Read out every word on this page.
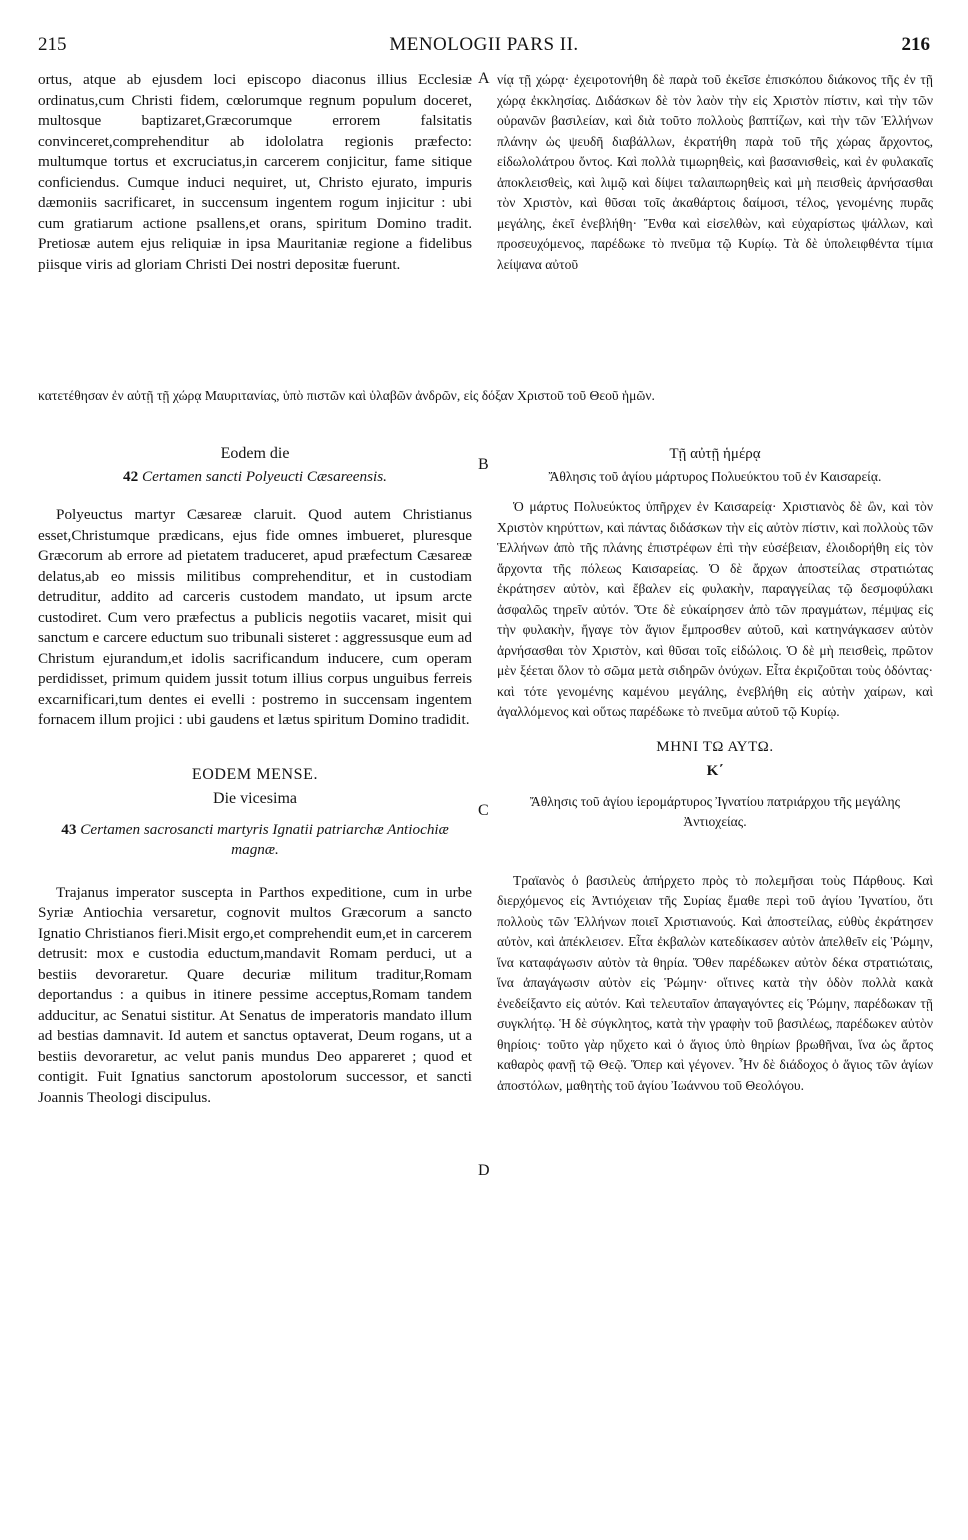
215	MENOLOGII PARS II.	216
A
B
C
D

ortus, atque ab ejusdem loci episcopo diaconus illius Ecclesiæ ordinatus,cum Christi fidem, cœlorumque regnum populum doceret, multosque baptizaret,Græcorumque errorem falsitatis convinceret,comprehenditur ab idololatra regionis præfecto: multumque tortus et excruciatus,in carcerem conjicitur, fame sitique conficiendus. Cumque induci nequiret, ut, Christo ejurato, impuris dæmoniis sacrificaret, in succensum ingentem rogum injicitur : ubi cum gratiarum actione psallens,et orans, spiritum Domino tradit. Pretiosæ autem ejus reliquiæ in ipsa Mauritaniæ regione a fidelibus piisque viris ad gloriam Christi Dei nostri depositæ fuerunt.

Eodem die
42 Certamen sancti Polyeucti Cæsareensis.

Polyeuctus martyr Cæsareæ claruit. Quod autem Christianus esset,Christumque prædicans, ejus fide omnes imbueret, pluresque Græcorum ab errore ad pietatem traduceret, apud præfectum Cæsareæ delatus,ab eo missis militibus comprehenditur, et in custodiam detruditur, addito ad carceris custodem mandato, ut ipsum arcte custodiret. Cum vero præfectus a publicis negotiis vacaret, misit qui sanctum e carcere eductum suo tribunali sisteret : aggressusque eum ad Christum ejurandum,et idolis sacrificandum inducere, cum operam perdidisset, primum quidem jussit totum illius corpus unguibus ferreis excarnificari,tum dentes ei evelli : postremo in succensam ingentem fornacem illum projici : ubi gaudens et lætus spiritum Domino tradidit.

EODEM MENSE.
Die vicesima
43 Certamen sacrosancti martyris Ignatii patriarchæ Antiochiæ magnæ.

Trajanus imperator suscepta in Parthos expeditione, cum in urbe Syriæ Antiochia versaretur, cognovit multos Græcorum a sancto Ignatio Christianos fieri.Misit ergo,et comprehendit eum,et in carcerem detrusit: mox e custodia eductum,mandavit Romam perduci, ut a bestiis devoraretur. Quare decuriæ militum traditur,Romam deportandus : a quibus in itinere pessime acceptus,Romam tandem adducitur, ac Senatui sistitur. At Senatus de imperatoris mandato illum ad bestias damnavit. Id autem et sanctus optaverat, Deum rogans, ut a bestiis devoraretur, ac velut panis mundus Deo appareret ; quod et contigit. Fuit Ignatius sanctorum apostolorum successor, et sancti Joannis Theologi discipulus.

νίᾳ τῇ χώρᾳ· ἐχειροτονήθη δὲ παρὰ τοῦ ἐκεῖσε ἐπισκόπου διάκονος τῆς ἐν τῇ χώρᾳ ἐκκλησίας. Διδάσκων δὲ τὸν λαὸν τὴν εἰς Χριστὸν πίστιν, καὶ τὴν τῶν οὐρανῶν βασιλείαν, καὶ διὰ τοῦτο πολλοὺς βαπτίζων, καὶ τὴν τῶν Ἑλλήνων πλάνην ὡς ψευδῆ διαβάλλων, ἐκρατήθη παρὰ τοῦ τῆς χώρας ἄρχοντος, εἰδωλολάτρου ὄντος. Καὶ πολλὰ τιμωρηθεὶς, καὶ βασανισθεὶς, καὶ ἐν φυλακαῖς ἀποκλεισθεὶς, καὶ λιμῷ καὶ δίψει ταλαιπωρηθεὶς καὶ μὴ πεισθεὶς ἀρνήσασθαι τὸν Χριστὸν, καὶ θῦσαι τοῖς ἀκαθάρτοις δαίμοσι, τέλος, γενομένης πυρᾶς μεγάλης, ἐκεῖ ἐνεβλήθη· Ἔνθα καὶ εἰσελθὼν, καὶ εὐχαρίστως ψάλλων, καὶ προσευχόμενος, παρέδωκε τὸ πνεῦμα τῷ Κυρίῳ. Τὰ δὲ ὑπολειφθέντα τίμια λείψανα αὐτοῦ

Τῇ αὐτῇ ἡμέρᾳ
Ἄθλησις τοῦ ἁγίου μάρτυρος Πολυεύκτου τοῦ ἐν Καισαρείᾳ.

Ὁ μάρτυς Πολυεύκτος ὑπῆρχεν ἐν Καισαρείᾳ· Χριστιανὸς δὲ ὢν, καὶ τὸν Χριστὸν κηρύττων, καὶ πάντας διδάσκων τὴν εἰς αὐτὸν πίστιν, καὶ πολλοὺς τῶν Ἑλλήνων ἀπὸ τῆς πλάνης ἐπιστρέφων ἐπὶ τὴν εὐσέβειαν, ἐλοιδορήθη εἰς τὸν ἄρχοντα τῆς πόλεως Καισαρείας. Ὁ δὲ ἄρχων ἀποστείλας στρατιώτας ἐκράτησεν αὐτὸν, καὶ ἔβαλεν εἰς φυλακὴν, παραγγείλας τῷ δεσμοφύλακι ἀσφαλῶς τηρεῖν αὐτόν. Ὅτε δὲ εὐκαίρησεν ἀπὸ τῶν πραγμάτων, πέμψας εἰς τὴν φυλακὴν, ἤγαγε τὸν ἅγιον ἔμπροσθεν αὐτοῦ, καὶ κατηνάγκασεν αὐτὸν ἀρνήσασθαι τὸν Χριστὸν, καὶ θῦσαι τοῖς εἰδώλοις. Ὁ δὲ μὴ πεισθεὶς, πρῶτον μὲν ξέεται ὅλον τὸ σῶμα μετὰ σιδηρῶν ὀνύχων. Εἶτα ἐκριζοῦται τοὺς ὀδόντας· καὶ τότε γενομένης καμένου μεγάλης, ἐνεβλήθη εἰς αὐτὴν χαίρων, καὶ ἀγαλλόμενος καὶ οὕτως παρέδωκε τὸ πνεῦμα αὐτοῦ τῷ Κυρίῳ.

ΜΗΝΙ ΤΩ ΑΥΤΩ.
Κ΄
Ἄθλησις τοῦ ἁγίου ἱερομάρτυρος Ἰγνατίου πατριάρχου τῆς μεγάλης Ἀντιοχείας.

Τραϊανὸς ὁ βασιλεὺς ἀπήρχετο πρὸς τὸ πολεμῆσαι τοὺς Πάρθους. Καὶ διερχόμενος εἰς Ἀντιόχειαν τῆς Συρίας ἔμαθε περὶ τοῦ ἁγίου Ἰγνατίου, ὅτι πολλοὺς τῶν Ἑλλήνων ποιεῖ Χριστιανούς. Καὶ ἀποστείλας, εὐθὺς ἐκράτησεν αὐτὸν, καὶ ἀπέκλεισεν. Εἶτα ἐκβαλὼν κατεδίκασεν αὐτὸν ἀπελθεῖν εἰς Ῥώμην, ἵνα καταφάγωσιν αὐτὸν τὰ θηρία. Ὅθεν παρέδωκεν αὐτὸν δέκα στρατιώταις, ἵνα ἀπαγάγωσιν αὐτὸν εἰς Ῥώμην· οἵτινες κατὰ τὴν ὁδὸν πολλὰ κακὰ ἐνεδείξαντο εἰς αὐτόν. Καὶ τελευταῖον ἀπαγαγόντες εἰς Ῥώμην, παρέδωκαν τῇ συγκλήτῳ. Ἡ δὲ σύγκλητος, κατὰ τὴν γραφὴν τοῦ βασιλέως, παρέδωκεν αὐτὸν θηρίοις· τοῦτο γὰρ ηὔχετο καὶ ὁ ἅγιος ὑπὸ θηρίων βρωθῆναι, ἵνα ὡς ἄρτος καθαρὸς φανῇ τῷ Θεῷ. Ὅπερ καὶ γέγονεν. Ἦν δὲ διάδοχος ὁ ἅγιος τῶν ἁγίων ἀποστόλων, μαθητὴς τοῦ ἁγίου Ἰωάννου τοῦ Θεολόγου.

κατετέθησαν ἐν αὐτῇ τῇ χώρᾳ Μαυριτανίας, ὑπὸ πιστῶν καὶ ὑλαβῶν ἀνδρῶν, εἰς δόξαν Χριστοῦ τοῦ Θεοῦ ἡμῶν.
